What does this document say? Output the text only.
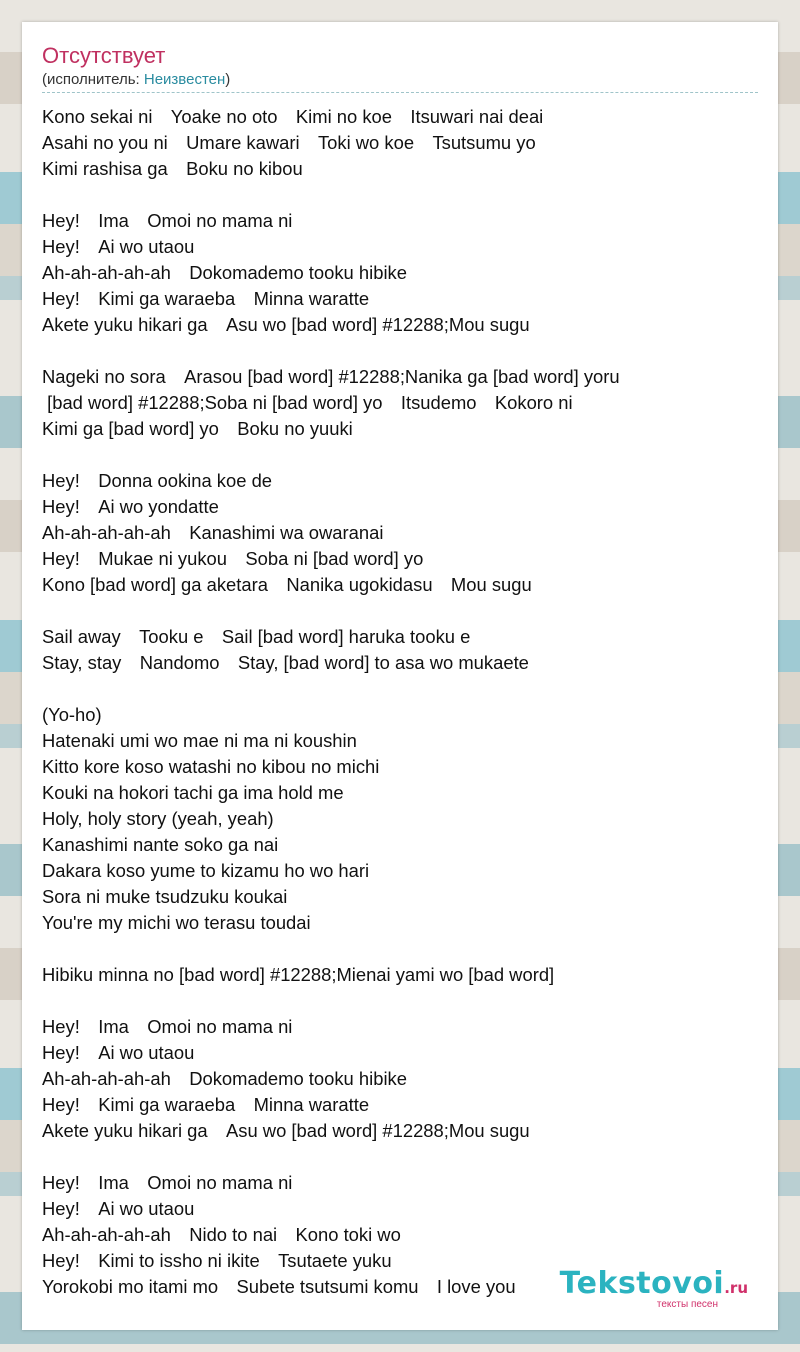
Отсутствует
(исполнитель: Неизвестен)
Kono sekai ni　Yoake no oto　Kimi no koe　Itsuwari nai deai
Asahi no you ni　Umare kawari　Toki wo koe　Tsutsumu yo
Kimi rashisa ga　Boku no kibou

Hey!　Ima　Omoi no mama ni
Hey!　Ai wo utaou
Ah-ah-ah-ah-ah　Dokomademo tooku hibike
Hey!　Kimi ga waraeba　Minna waratte
Akete yuku hikari ga　Asu wo [bad word] #12288;Mou sugu

Nageki no sora　Arasou [bad word] #12288;Nanika ga [bad word] yoru
[bad word] #12288;Soba ni [bad word] yo　Itsudemo　Kokoro ni
Kimi ga [bad word] yo　Boku no yuuki

Hey!　Donna ookina koe de
Hey!　Ai wo yondatte
Ah-ah-ah-ah-ah　Kanashimi wa owaranai
Hey!　Mukae ni yukou　Soba ni [bad word] yo
Kono [bad word] ga aketara　Nanika ugokidasu　Mou sugu

Sail away　Tooku e　Sail [bad word] haruka tooku e
Stay, stay　Nandomo　Stay, [bad word] to asa wo mukaete

(Yo-ho)
Hatenaki umi wo mae ni ma ni koushin
Kitto kore koso watashi no kibou no michi
Kouki na hokori tachi ga ima hold me
Holy, holy story (yeah, yeah)
Kanashimi nante soko ga nai
Dakara koso yume to kizamu ho wo hari
Sora ni muke tsudzuku koukai
You're my michi wo terasu toudai

Hibiku minna no [bad word] #12288;Mienai yami wo [bad word]

Hey!　Ima　Omoi no mama ni
Hey!　Ai wo utaou
Ah-ah-ah-ah-ah　Dokomademo tooku hibike
Hey!　Kimi ga waraeba　Minna waratte
Akete yuku hikari ga　Asu wo [bad word] #12288;Mou sugu

Hey!　Ima　Omoi no mama ni
Hey!　Ai wo utaou
Ah-ah-ah-ah-ah　Nido to nai　Kono toki wo
Hey!　Kimi to issho ni ikite　Tsutaete yuku
Yorokobi mo itami mo　Subete tsutsumi komu　I love you	Tekstovoi.ru
тексты песен
